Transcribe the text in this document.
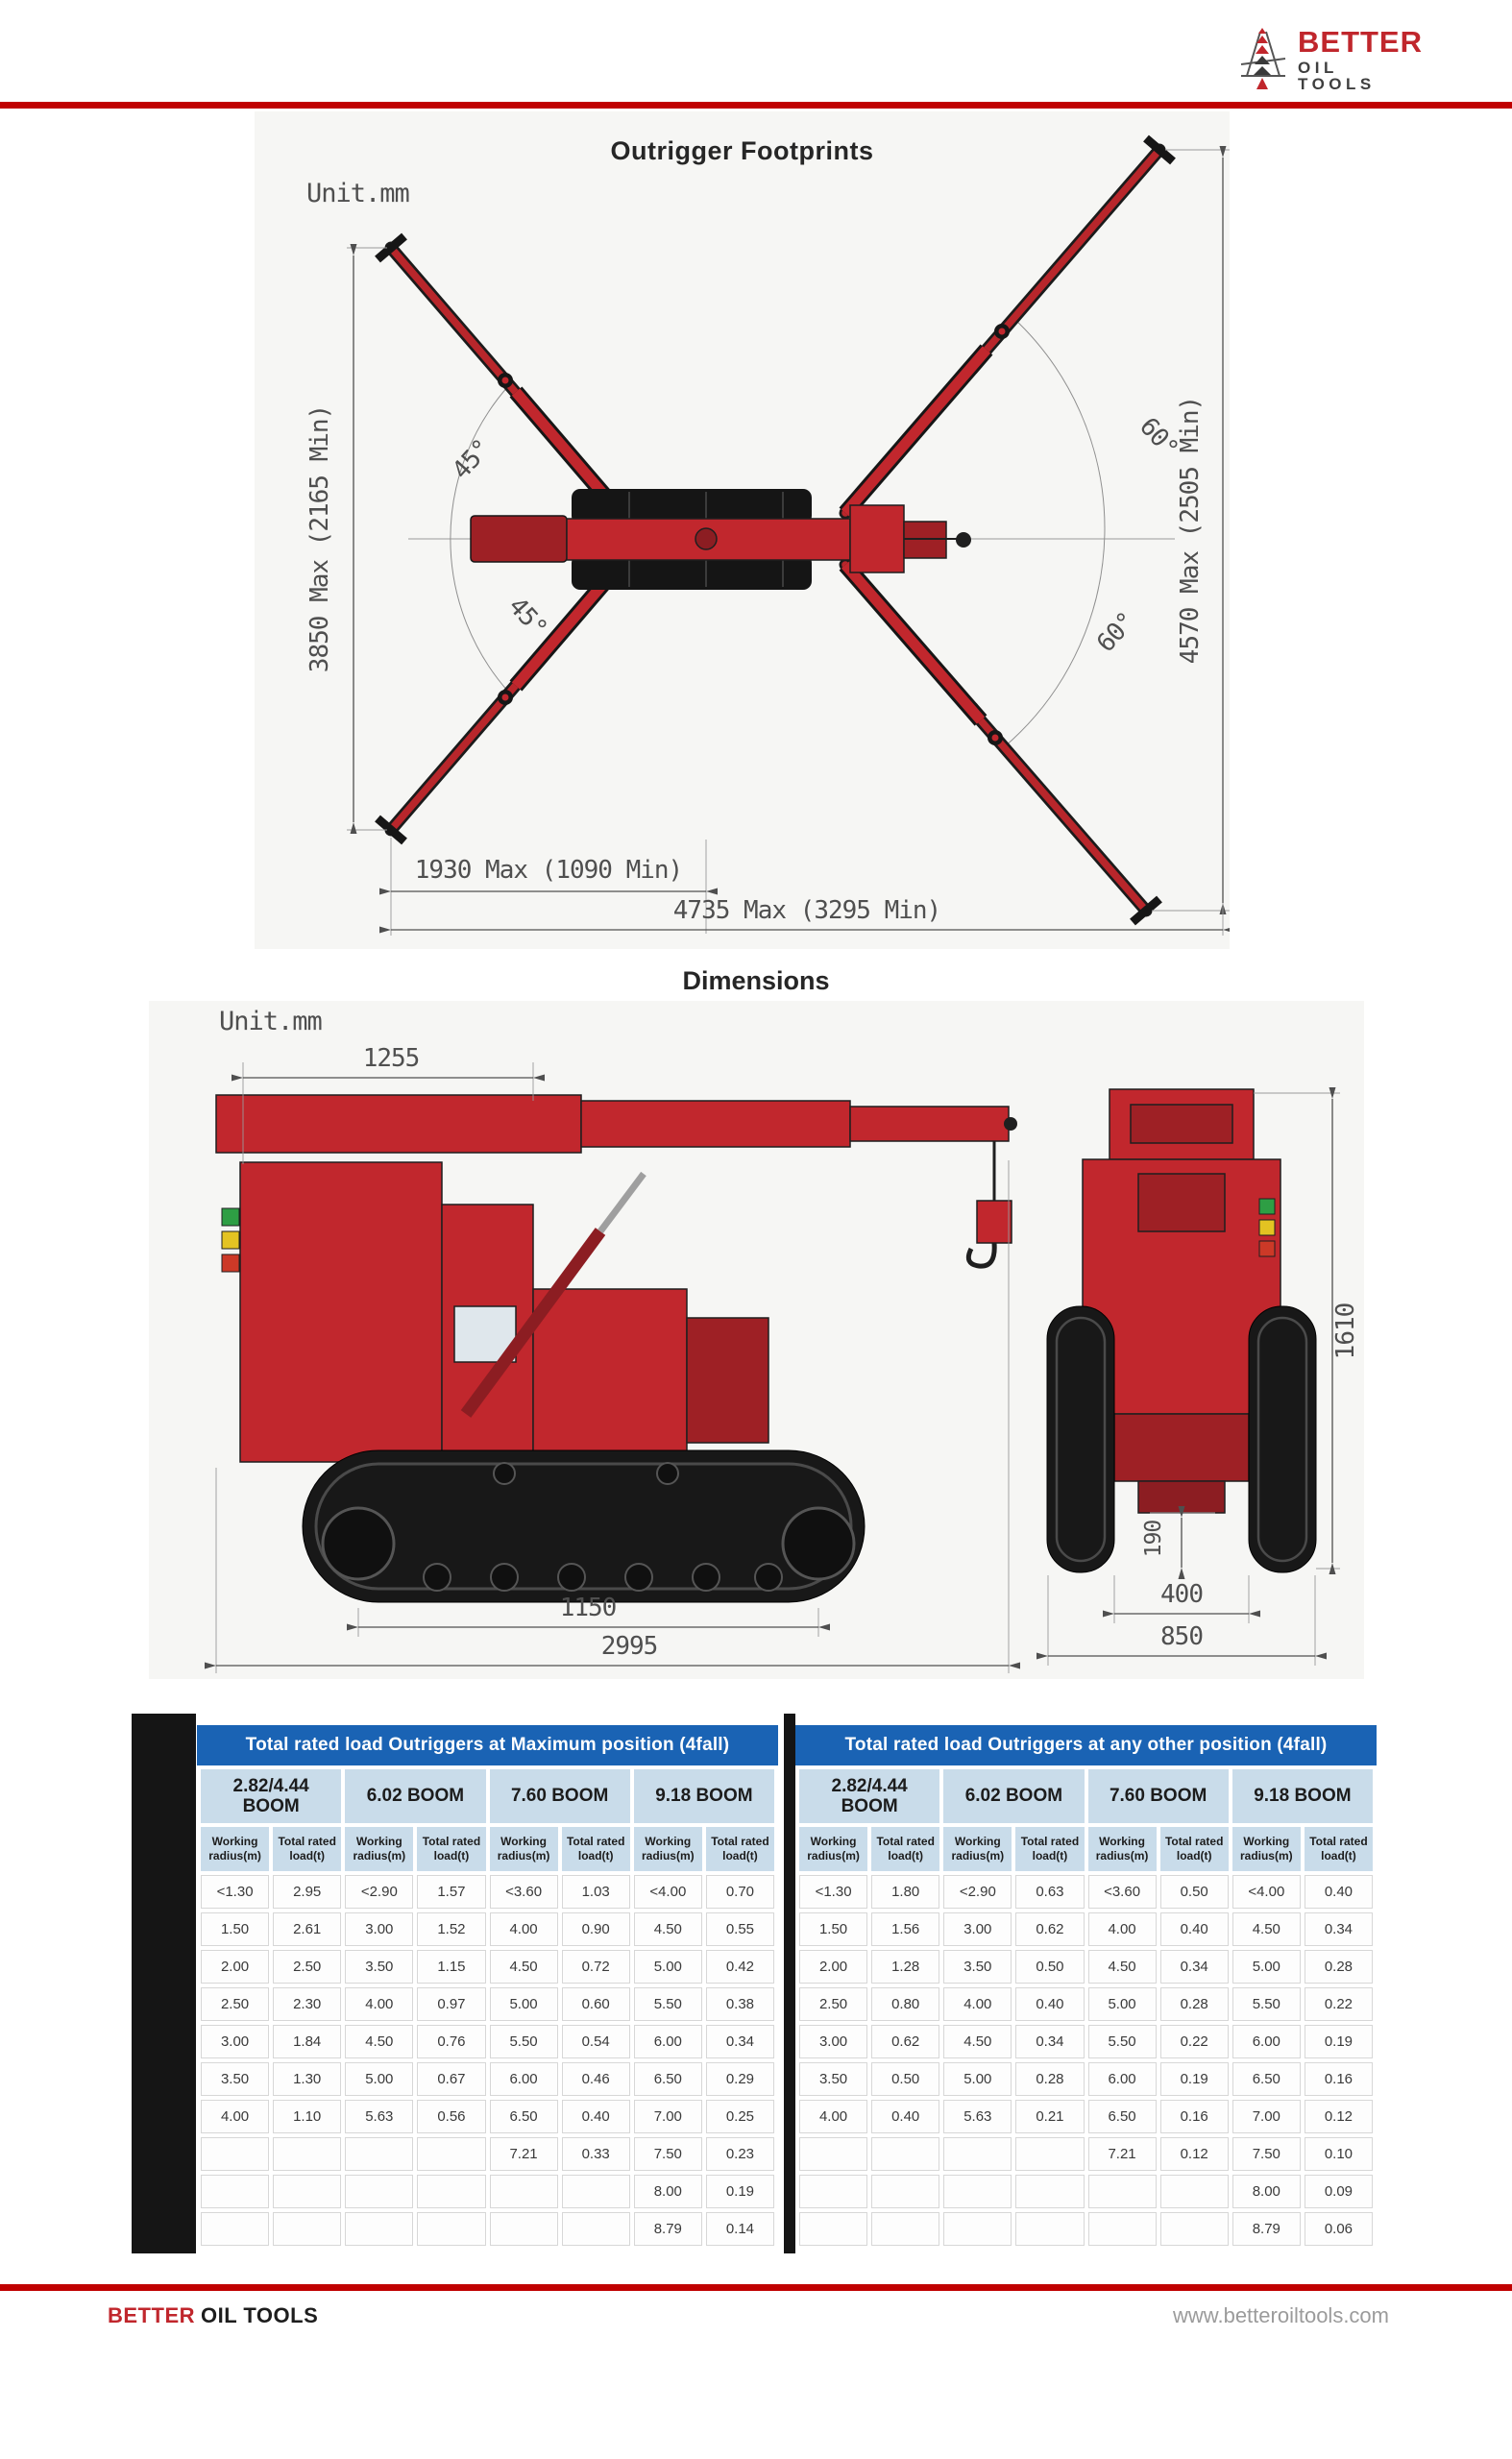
BETTER
OIL TOOLS
Outrigger Footprints
Unit.mm
45°
45°
60°
60°
3850 Max (2165 Min)	4570 Max (2505 Min)
1930 Max (1090 Min)
4735 Max (3295 Min)
Dimensions
Unit.mm
1255
1150
2995
1610
190
400
850
Total rated load Outriggers at Maximum position (4fall)
2.82/4.44 BOOM		6.02 BOOM		7.60 BOOM		9.18 BOOM	
Working radius(m)	Total rated load(t)	Working radius(m)	Total rated load(t)	Working radius(m)	Total rated load(t)	Working radius(m)	Total rated load(t)
<1.30	2.95	<2.90	1.57	<3.60	1.03	<4.00	0.70
1.50	2.61	3.00	1.52	4.00	0.90	4.50	0.55
2.00	2.50	3.50	1.15	4.50	0.72	5.00	0.42
2.50	2.30	4.00	0.97	5.00	0.60	5.50	0.38
3.00	1.84	4.50	0.76	5.50	0.54	6.00	0.34
3.50	1.30	5.00	0.67	6.00	0.46	6.50	0.29
4.00	1.10	5.63	0.56	6.50	0.40	7.00	0.25
				7.21	0.33	7.50	0.23
						8.00	0.19
						8.79	0.14
Total rated load Outriggers at any other position (4fall)
2.82/4.44 BOOM		6.02 BOOM		7.60 BOOM		9.18 BOOM	
Working radius(m)	Total rated load(t)	Working radius(m)	Total rated load(t)	Working radius(m)	Total rated load(t)	Working radius(m)	Total rated load(t)
<1.30	1.80	<2.90	0.63	<3.60	0.50	<4.00	0.40
1.50	1.56	3.00	0.62	4.00	0.40	4.50	0.34
2.00	1.28	3.50	0.50	4.50	0.34	5.00	0.28
2.50	0.80	4.00	0.40	5.00	0.28	5.50	0.22
3.00	0.62	4.50	0.34	5.50	0.22	6.00	0.19
3.50	0.50	5.00	0.28	6.00	0.19	6.50	0.16
4.00	0.40	5.63	0.21	6.50	0.16	7.00	0.12
				7.21	0.12	7.50	0.10
						8.00	0.09
						8.79	0.06
BETTER OIL TOOLS	www.betteroiltools.com
